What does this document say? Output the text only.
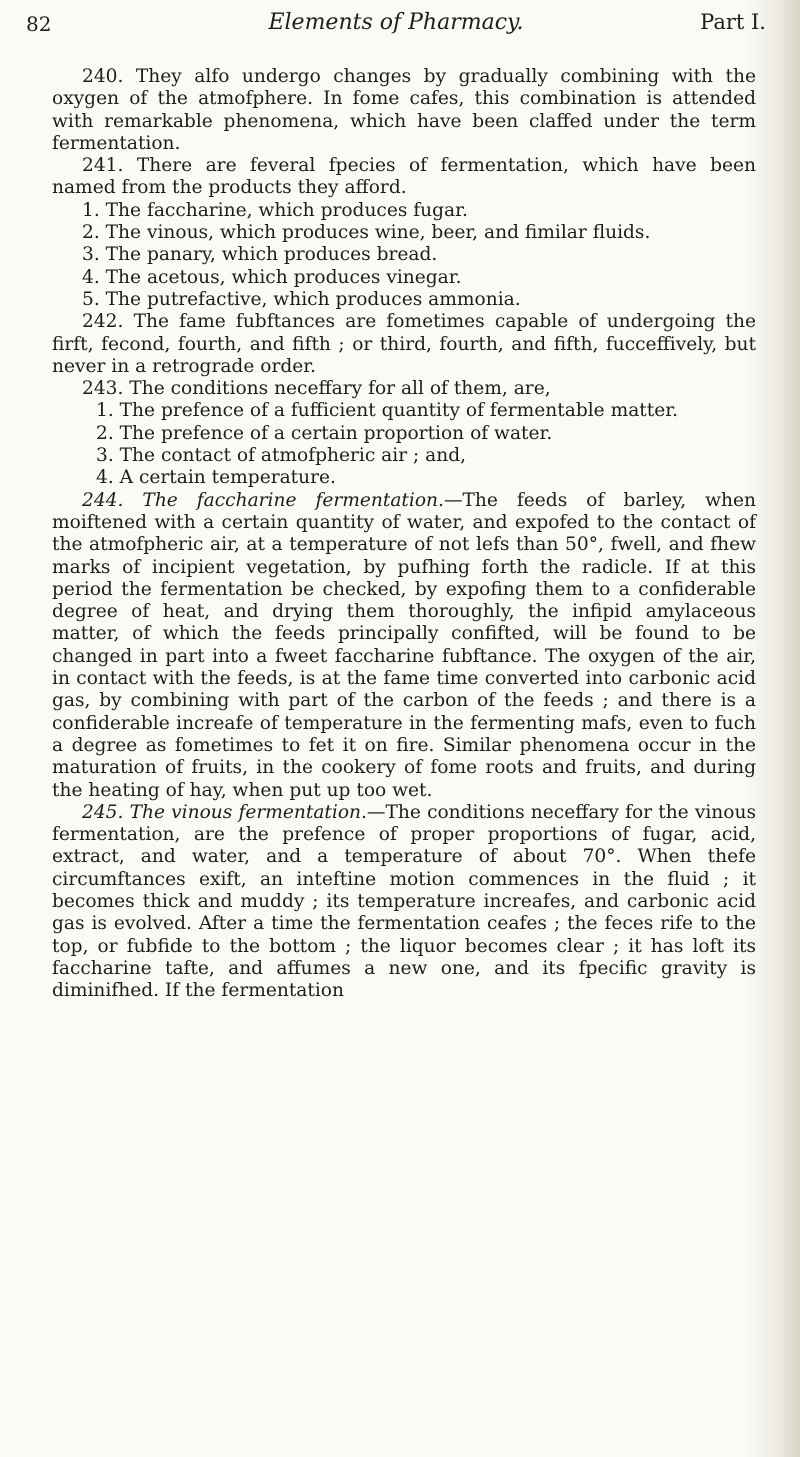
82	Elements of Pharmacy.	Part I.

240. They alfo undergo changes by gradually combining with the oxygen of the atmofphere. In fome cafes, this combination is attended with remarkable phenomena, which have been claffed under the term fermentation.

241. There are feveral fpecies of fermentation, which have been named from the products they afford.

1. The faccharine, which produces fugar.

2. The vinous, which produces wine, beer, and fimilar fluids.

3. The panary, which produces bread.

4. The acetous, which produces vinegar.

5. The putrefactive, which produces ammonia.

242. The fame fubftances are fometimes capable of undergoing the firft, fecond, fourth, and fifth ; or third, fourth, and fifth, fucceffively, but never in a retrograde order.

243. The conditions neceffary for all of them, are,

1. The prefence of a fufficient quantity of fermentable matter.

2. The prefence of a certain proportion of water.

3. The contact of atmofpheric air ; and,

4. A certain temperature.

244. The faccharine fermentation.—The feeds of barley, when moiftened with a certain quantity of water, and expofed to the contact of the atmofpheric air, at a temperature of not lefs than 50°, fwell, and fhew marks of incipient vegetation, by pufhing forth the radicle. If at this period the fermentation be checked, by expofing them to a confiderable degree of heat, and drying them thoroughly, the infipid amylaceous matter, of which the feeds principally confifted, will be found to be changed in part into a fweet faccharine fubftance. The oxygen of the air, in contact with the feeds, is at the fame time converted into carbonic acid gas, by combining with part of the carbon of the feeds ; and there is a confiderable increafe of temperature in the fermenting mafs, even to fuch a degree as fometimes to fet it on fire. Similar phenomena occur in the maturation of fruits, in the cookery of fome roots and fruits, and during the heating of hay, when put up too wet.

245. The vinous fermentation.—The conditions neceffary for the vinous fermentation, are the prefence of proper proportions of fugar, acid, extract, and water, and a temperature of about 70°. When thefe circumftances exift, an inteftine motion commences in the fluid ; it becomes thick and muddy ; its temperature increafes, and carbonic acid gas is evolved. After a time the fermentation ceafes ; the feces rife to the top, or fubfide to the bottom ; the liquor becomes clear ; it has loft its faccharine tafte, and affumes a new one, and its fpecific gravity is diminifhed. If the fermentation
